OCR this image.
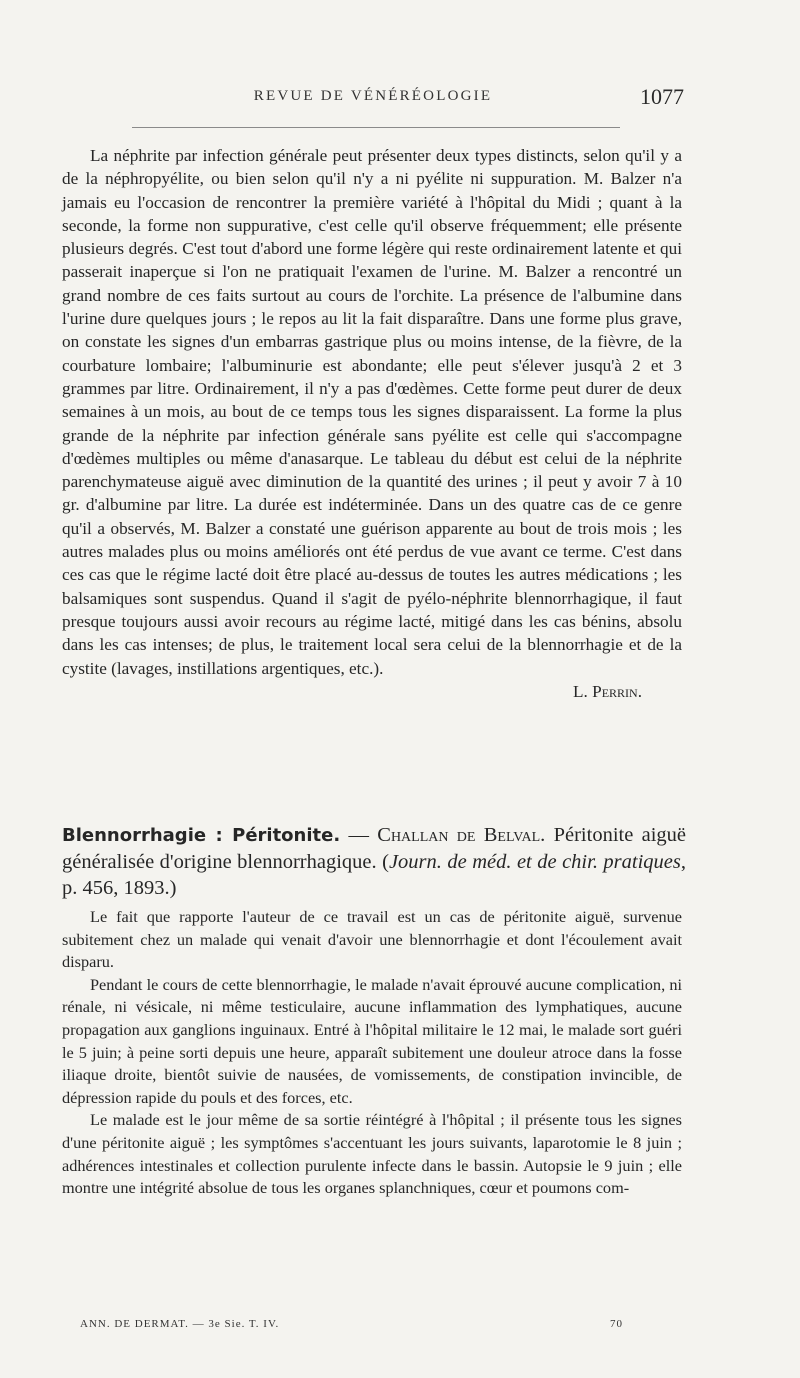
REVUE DE VÉNÉRÉOLOGIE	1077

La néphrite par infection générale peut présenter deux types distincts, selon qu'il y a de la néphropyélite, ou bien selon qu'il n'y a ni pyélite ni suppuration. M. Balzer n'a jamais eu l'occasion de rencontrer la première variété à l'hôpital du Midi ; quant à la seconde, la forme non suppurative, c'est celle qu'il observe fréquemment; elle présente plusieurs degrés. C'est tout d'abord une forme légère qui reste ordinairement latente et qui passerait inaperçue si l'on ne pratiquait l'examen de l'urine. M. Balzer a rencontré un grand nombre de ces faits surtout au cours de l'orchite. La présence de l'albumine dans l'urine dure quelques jours ; le repos au lit la fait disparaître. Dans une forme plus grave, on constate les signes d'un embarras gastrique plus ou moins intense, de la fièvre, de la courbature lombaire; l'albuminurie est abondante; elle peut s'élever jusqu'à 2 et 3 grammes par litre. Ordinairement, il n'y a pas d'œdèmes. Cette forme peut durer de deux semaines à un mois, au bout de ce temps tous les signes disparaissent. La forme la plus grande de la néphrite par infection générale sans pyélite est celle qui s'accompagne d'œdèmes multiples ou même d'anasarque. Le tableau du début est celui de la néphrite parenchymateuse aiguë avec diminution de la quantité des urines ; il peut y avoir 7 à 10 gr. d'albumine par litre. La durée est indéterminée. Dans un des quatre cas de ce genre qu'il a observés, M. Balzer a constaté une guérison apparente au bout de trois mois ; les autres malades plus ou moins améliorés ont été perdus de vue avant ce terme. C'est dans ces cas que le régime lacté doit être placé au-dessus de toutes les autres médications ; les balsamiques sont suspendus. Quand il s'agit de pyélo-néphrite blennorrhagique, il faut presque toujours aussi avoir recours au régime lacté, mitigé dans les cas bénins, absolu dans les cas intenses; de plus, le traitement local sera celui de la blennorrhagie et de la cystite (lavages, instillations argentiques, etc.).

L. Perrin.

Blennorrhagie : Péritonite. — Challan de Belval. Péritonite aiguë généralisée d'origine blennorrhagique. (Journ. de méd. et de chir. pratiques, p. 456, 1893.)

Le fait que rapporte l'auteur de ce travail est un cas de péritonite aiguë, survenue subitement chez un malade qui venait d'avoir une blennorrhagie et dont l'écoulement avait disparu.

Pendant le cours de cette blennorrhagie, le malade n'avait éprouvé aucune complication, ni rénale, ni vésicale, ni même testiculaire, aucune inflammation des lymphatiques, aucune propagation aux ganglions inguinaux. Entré à l'hôpital militaire le 12 mai, le malade sort guéri le 5 juin; à peine sorti depuis une heure, apparaît subitement une douleur atroce dans la fosse iliaque droite, bientôt suivie de nausées, de vomissements, de constipation invincible, de dépression rapide du pouls et des forces, etc.

Le malade est le jour même de sa sortie réintégré à l'hôpital ; il présente tous les signes d'une péritonite aiguë ; les symptômes s'accentuant les jours suivants, laparotomie le 8 juin ; adhérences intestinales et collection purulente infecte dans le bassin. Autopsie le 9 juin ; elle montre une intégrité absolue de tous les organes splanchniques, cœur et poumons com-

ANN. DE DERMAT. — 3e Sie. T. IV.	70
